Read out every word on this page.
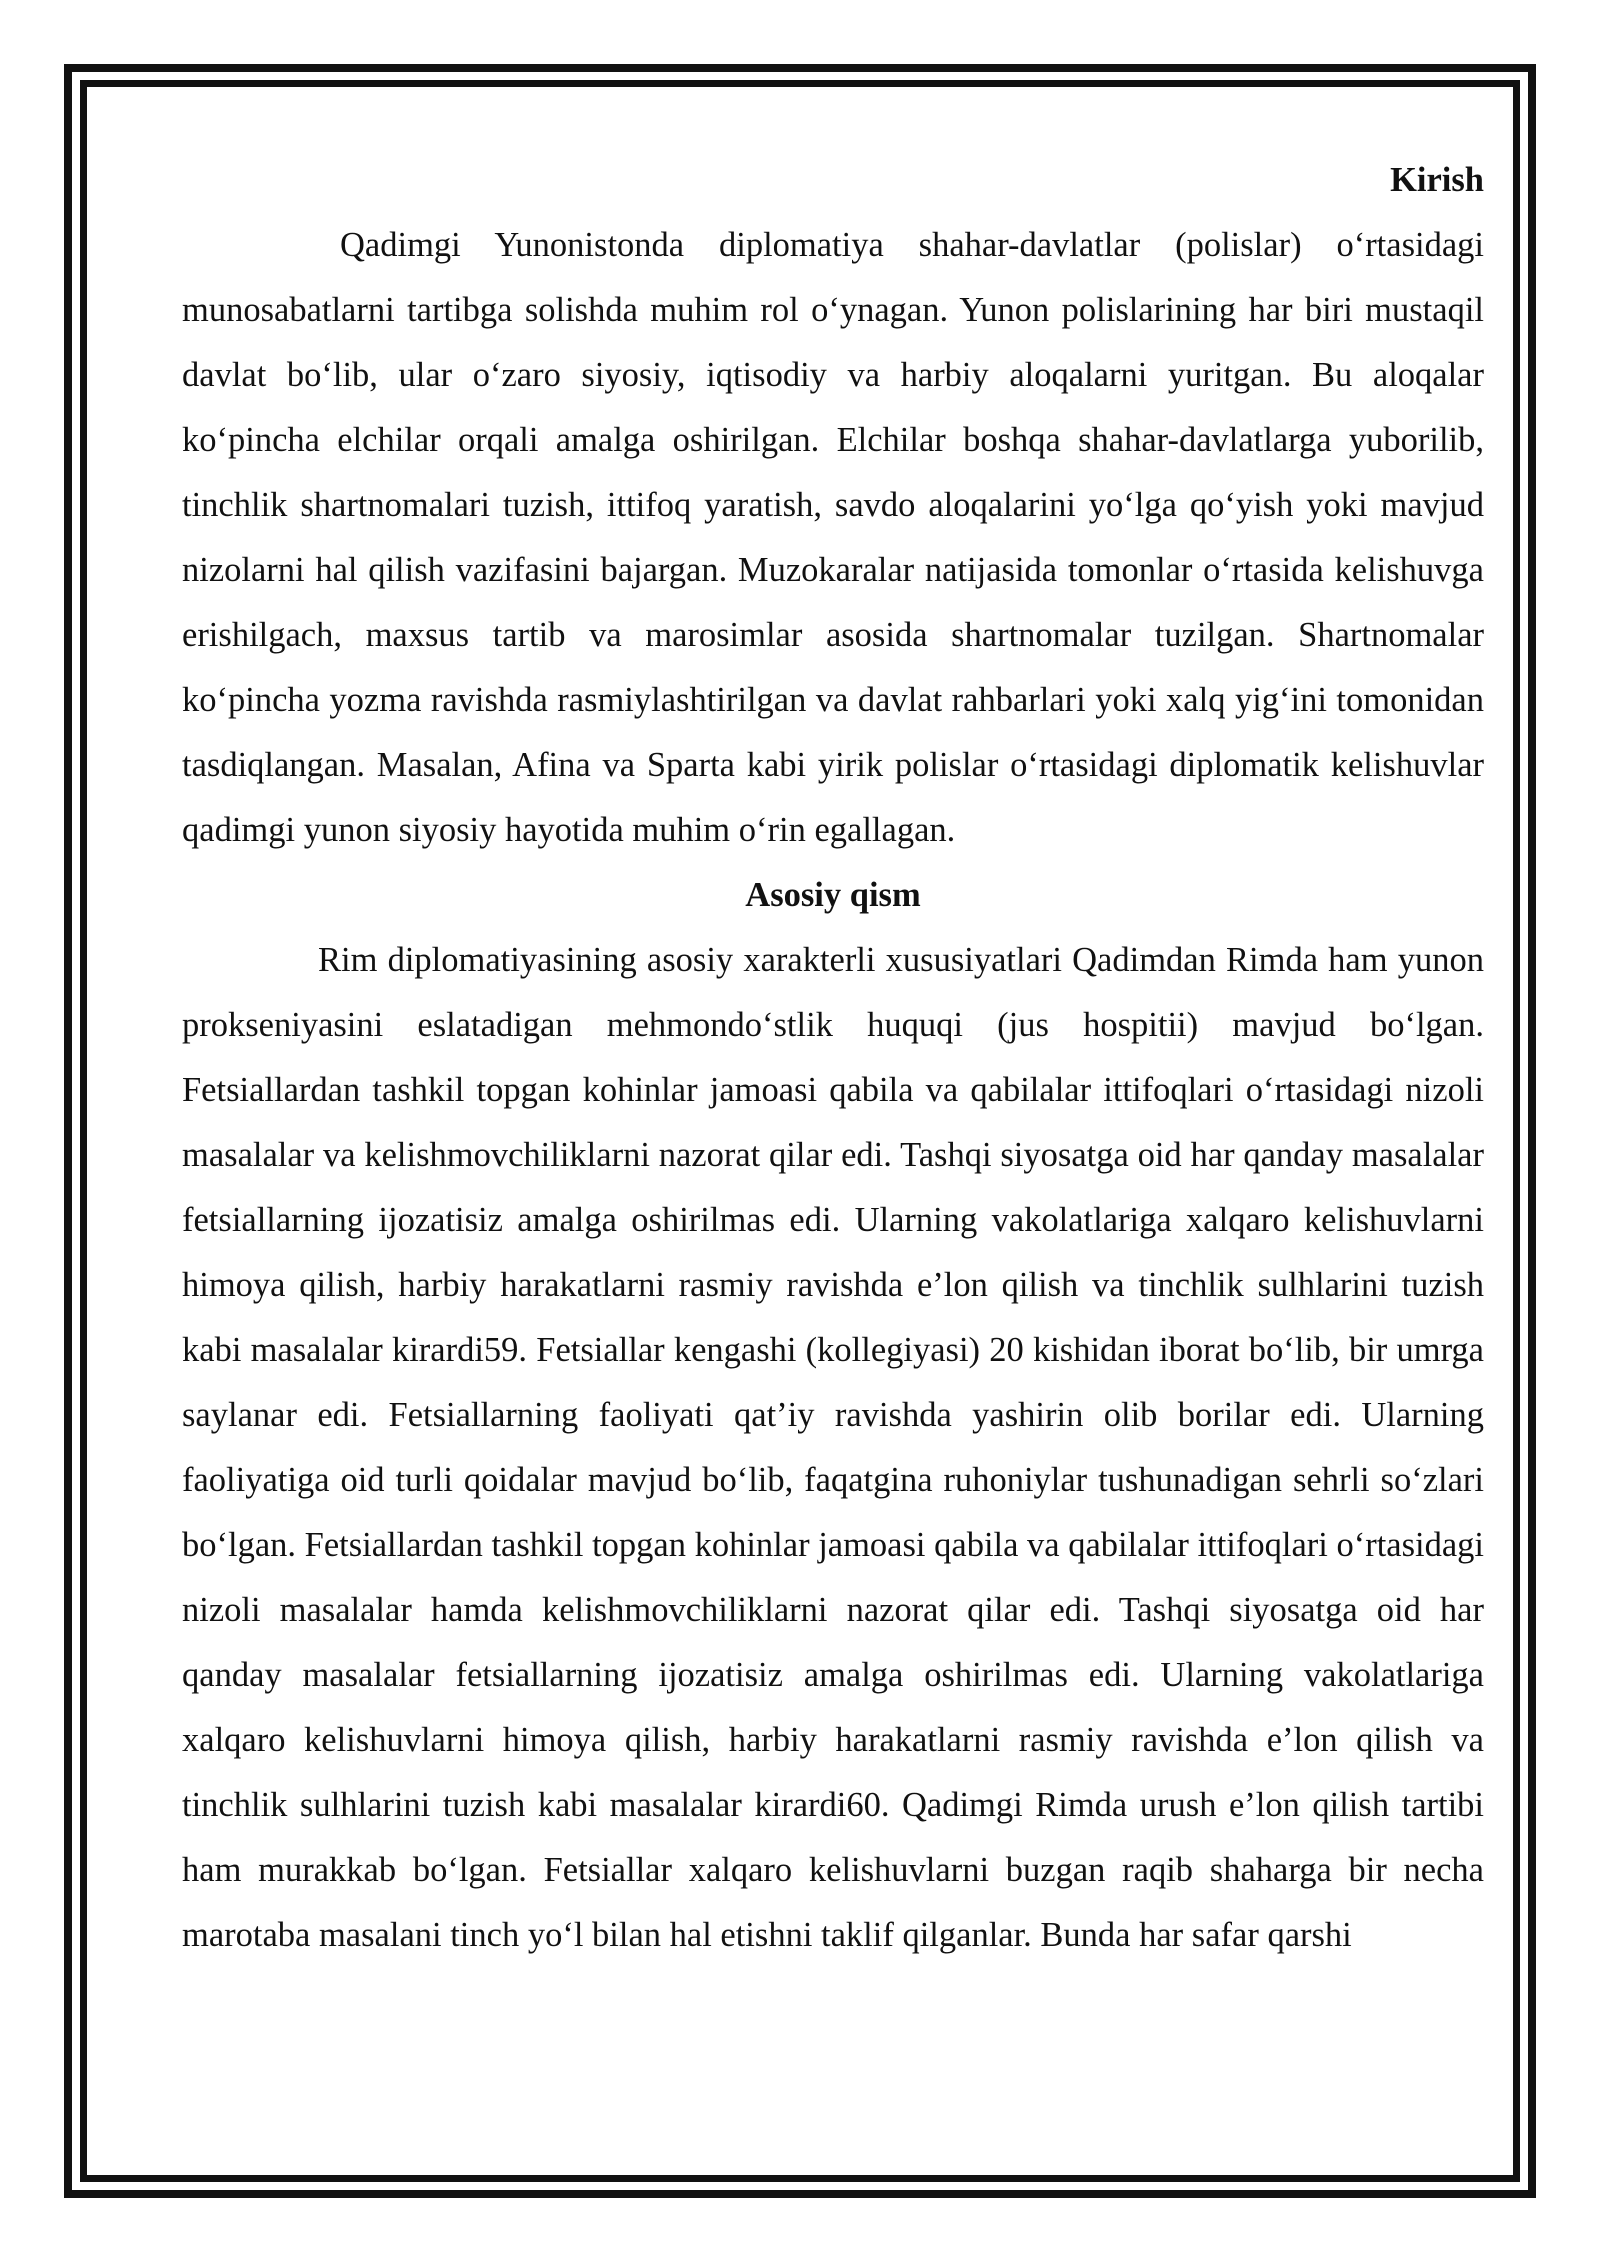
Kirish

Qadimgi Yunonistonda diplomatiya shahar-davlatlar (polislar) o‘rtasidagi munosabatlarni tartibga solishda muhim rol o‘ynagan. Yunon polislarining har biri mustaqil davlat bo‘lib, ular o‘zaro siyosiy, iqtisodiy va harbiy aloqalarni yuritgan. Bu aloqalar ko‘pincha elchilar orqali amalga oshirilgan. Elchilar boshqa shahar-davlatlarga yuborilib, tinchlik shartnomalari tuzish, ittifoq yaratish, savdo aloqalarini yo‘lga qo‘yish yoki mavjud nizolarni hal qilish vazifasini bajargan. Muzokaralar natijasida tomonlar o‘rtasida kelishuvga erishilgach, maxsus tartib va marosimlar asosida shartnomalar tuzilgan. Shartnomalar ko‘pincha yozma ravishda rasmiylashtirilgan va davlat rahbarlari yoki xalq yig‘ini tomonidan tasdiqlangan. Masalan, Afina va Sparta kabi yirik polislar o‘rtasidagi diplomatik kelishuvlar qadimgi yunon siyosiy hayotida muhim o‘rin egallagan.

Asosiy qism

Rim diplomatiyasining asosiy xarakterli xususiyatlari Qadimdan Rimda ham yunon prokseniyasini eslatadigan mehmondo‘stlik huquqi (jus hospitii) mavjud bo‘lgan. Fetsiallardan tashkil topgan kohinlar jamoasi qabila va qabilalar ittifoqlari o‘rtasidagi nizoli masalalar va kelishmovchiliklarni nazorat qilar edi. Tashqi siyosatga oid har qanday masalalar fetsiallarning ijozatisiz amalga oshirilmas edi. Ularning vakolatlariga xalqaro kelishuvlarni himoya qilish, harbiy harakatlarni rasmiy ravishda e’lon qilish va tinchlik sulhlarini tuzish kabi masalalar kirardi59. Fetsiallar kengashi (kollegiyasi) 20 kishidan iborat bo‘lib, bir umrga saylanar edi. Fetsiallarning faoliyati qat’iy ravishda yashirin olib borilar edi. Ularning faoliyatiga oid turli qoidalar mavjud bo‘lib, faqatgina ruhoniylar tushunadigan sehrli so‘zlari bo‘lgan. Fetsiallardan tashkil topgan kohinlar jamoasi qabila va qabilalar ittifoqlari o‘rtasidagi nizoli masalalar hamda kelishmovchiliklarni nazorat qilar edi. Tashqi siyosatga oid har qanday masalalar fetsiallarning ijozatisiz amalga oshirilmas edi. Ularning vakolatlariga xalqaro kelishuvlarni himoya qilish, harbiy harakatlarni rasmiy ravishda e’lon qilish va tinchlik sulhlarini tuzish kabi masalalar kirardi60. Qadimgi Rimda urush e’lon qilish tartibi ham murakkab bo‘lgan. Fetsiallar xalqaro kelishuvlarni buzgan raqib shaharga bir necha marotaba masalani tinch yo‘l bilan hal etishni taklif qilganlar. Bunda har safar qarshi
